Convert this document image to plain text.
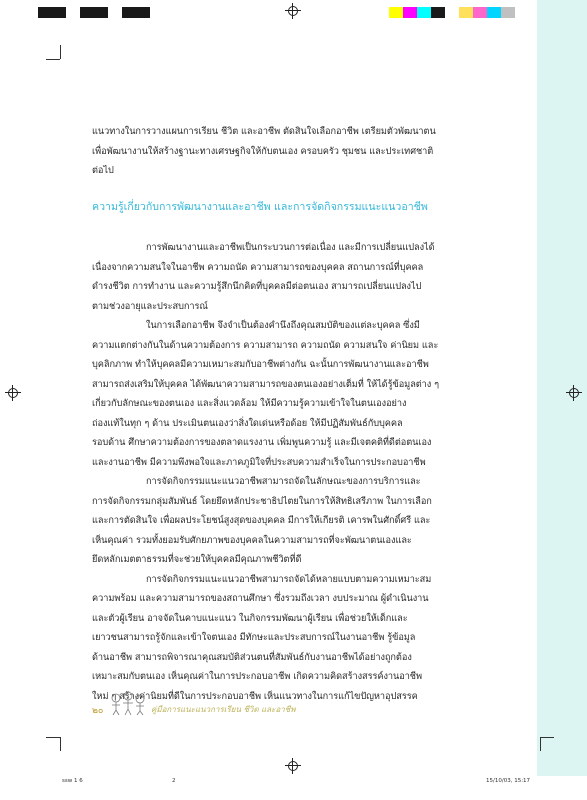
แนวทางในการวางแผนการเรียน ชีวิต และอาชีพ ตัดสินใจเลือกอาชีพ เตรียมตัวพัฒนาตน
เพื่อพัฒนางานให้สร้างฐานะทางเศรษฐกิจให้กับตนเอง ครอบครัว ชุมชน และประเทศชาติ
ต่อไป
การพัฒนางานและอาชีพเป็นกระบวนการต่อเนื่อง และมีการเปลี่ยนแปลงได้
เนื่องจากความสนใจในอาชีพ ความถนัด ความสามารถของบุคคล สถานการณ์ที่บุคคล
ดำรงชีวิต การทำงาน และความรู้สึกนึกคิดที่บุคคลมีต่อตนเอง สามารถเปลี่ยนแปลงไป
ตามช่วงอายุและประสบการณ์
ในการเลือกอาชีพ จึงจำเป็นต้องคำนึงถึงคุณสมบัติของแต่ละบุคคล ซึ่งมี
ความแตกต่างกันในด้านความต้องการ ความสามารถ ความถนัด ความสนใจ ค่านิยม และ
บุคลิกภาพ ทำให้บุคคลมีความเหมาะสมกับอาชีพต่างกัน ฉะนั้นการพัฒนางานและอาชีพ
สามารถส่งเสริมให้บุคคล ได้พัฒนาความสามารถของตนเองอย่างเต็มที่ ให้ได้รู้ข้อมูลต่าง ๆ
เกี่ยวกับลักษณะของตนเอง และสิ่งแวดล้อม ให้มีความรู้ความเข้าใจในตนเองอย่าง
ถ่องแท้ในทุก ๆ ด้าน ประเมินตนเองว่าสิ่งใดเด่นหรือด้อย ให้มีปฏิสัมพันธ์กับบุคคล
รอบด้าน ศึกษาความต้องการของตลาดแรงงาน เพิ่มพูนความรู้ และมีเจตคติที่ดีต่อตนเอง
และงานอาชีพ มีความพึงพอใจและภาคภูมิใจที่ประสบความสำเร็จในการประกอบอาชีพ
การจัดกิจกรรมแนะแนวอาชีพสามารถจัดในลักษณะของการบริการและ
การจัดกิจกรรมกลุ่มสัมพันธ์ โดยยึดหลักประชาธิปไตยในการให้สิทธิเสรีภาพ ในการเลือก
และการตัดสินใจ เพื่อผลประโยชน์สูงสุดของบุคคล มีการให้เกียรติ เคารพในศักดิ์ศรี และ
เห็นคุณค่า รวมทั้งยอมรับศักยภาพของบุคคลในความสามารถที่จะพัฒนาตนเองและ
ยึดหลักเมตตาธรรมที่จะช่วยให้บุคคลมีคุณภาพชีวิตที่ดี
การจัดกิจกรรมแนะแนวอาชีพสามารถจัดได้หลายแบบตามความเหมาะสม
ความพร้อม และความสามารถของสถานศึกษา ซึ่งรวมถึงเวลา งบประมาณ ผู้ดำเนินงาน
และตัวผู้เรียน อาจจัดในคาบแนะแนว ในกิจกรรมพัฒนาผู้เรียน เพื่อช่วยให้เด็กและ
เยาวชนสามารถรู้จักและเข้าใจตนเอง มีทักษะและประสบการณ์ในงานอาชีพ รู้ข้อมูล
ด้านอาชีพ สามารถพิจารณาคุณสมบัติส่วนตนที่สัมพันธ์กับงานอาชีพได้อย่างถูกต้อง
เหมาะสมกับตนเอง เห็นคุณค่าในการประกอบอาชีพ เกิดความคิดสร้างสรรค์งานอาชีพ
ใหม่ ๆ สร้างค่านิยมที่ดีในการประกอบอาชีพ เห็นแนวทางในการแก้ไขปัญหาอุปสรรค
ความรู้เกี่ยวกับการพัฒนางานและอาชีพ และการจัดกิจกรรมแนะแนวอาชีพ
๒๐	คู่มือการแนะแนวการเรียน ชีวิต และอาชีพ
ssw 1 6	2	15/10/03, 15:17
